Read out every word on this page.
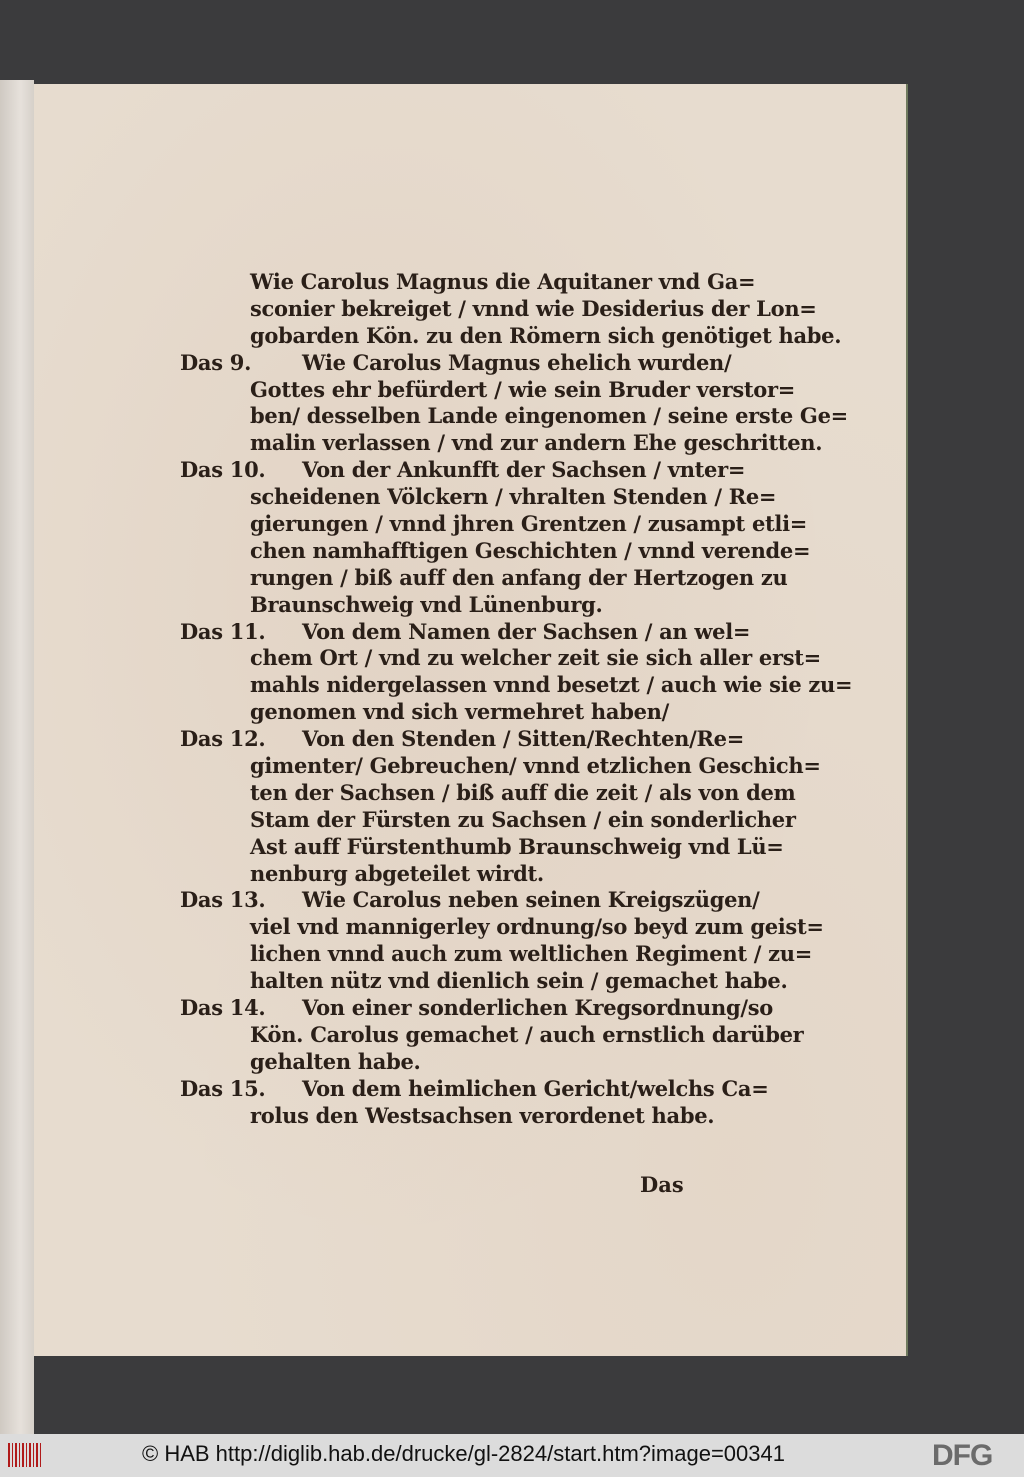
Wie Carolus Magnus die Aquitaner vnd Ga=
sconier bekreiget / vnnd wie Desiderius der Lon=
gobarden Kön. zu den Römern sich genötiget habe.
Das 9. Wie Carolus Magnus ehelich wurden/
Gottes ehr befürdert / wie sein Bruder verstor=
ben/ desselben Lande eingenomen / seine erste Ge=
malin verlassen / vnd zur andern Ehe geschritten.
Das 10. Von der Ankunfft der Sachsen / vnter=
scheidenen Völckern / vhralten Stenden / Re=
gierungen / vnnd jhren Grentzen / zusampt etli=
chen namhafftigen Geschichten / vnnd verende=
rungen / biß auff den anfang der Hertzogen zu
Braunschweig vnd Lünenburg.
Das 11. Von dem Namen der Sachsen / an wel=
chem Ort / vnd zu welcher zeit sie sich aller erst=
mahls nidergelassen vnnd besetzt / auch wie sie zu=
genomen vnd sich vermehret haben/
Das 12. Von den Stenden / Sitten/Rechten/Re=
gimenter/ Gebreuchen/ vnnd etzlichen Geschich=
ten der Sachsen / biß auff die zeit / als von dem
Stam der Fürsten zu Sachsen / ein sonderlicher
Ast auff Fürstenthumb Braunschweig vnd Lü=
nenburg abgeteilet wirdt.
Das 13. Wie Carolus neben seinen Kreigszügen/
viel vnd mannigerley ordnung/so beyd zum geist=
lichen vnnd auch zum weltlichen Regiment / zu=
halten nütz vnd dienlich sein / gemachet habe.
Das 14. Von einer sonderlichen Kregsordnung/so
Kön. Carolus gemachet / auch ernstlich darüber
gehalten habe.
Das 15. Von dem heimlichen Gericht/welchs Ca=
rolus den Westsachsen verordenet habe.
Das
© HAB http://diglib.hab.de/drucke/gl-2824/start.htm?image=00341	DFG
